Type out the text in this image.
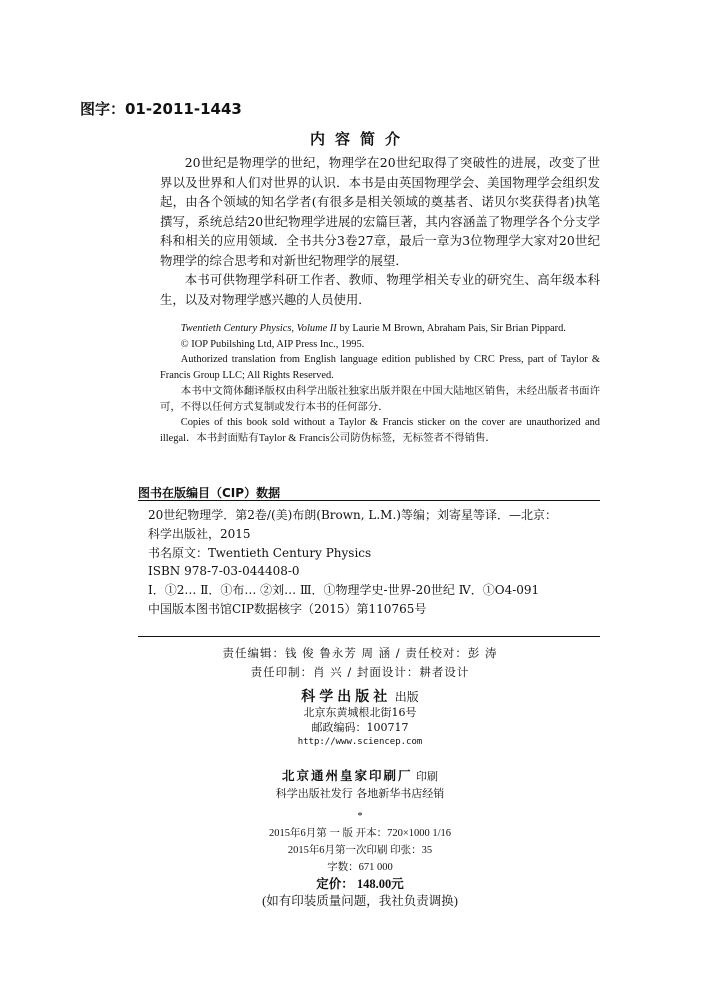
图字：01-2011-1443
内容简介

20世纪是物理学的世纪，物理学在20世纪取得了突破性的进展，改变了世界以及世界和人们对世界的认识．本书是由英国物理学会、美国物理学会组织发起，由各个领域的知名学者(有很多是相关领域的奠基者、诺贝尔奖获得者)执笔撰写，系统总结20世纪物理学进展的宏篇巨著，其内容涵盖了物理学各个分支学科和相关的应用领域．全书共分3卷27章，最后一章为3位物理学大家对20世纪物理学的综合思考和对新世纪物理学的展望．

本书可供物理学科研工作者、教师、物理学相关专业的研究生、高年级本科生，以及对物理学感兴趣的人员使用．

Twentieth Century Physics, Volume II by Laurie M Brown, Abraham Pais, Sir Brian Pippard.

© IOP Pubilshing Ltd, AIP Press Inc., 1995.

Authorized translation from English language edition published by CRC Press, part of Taylor & Francis Group LLC; All Rights Reserved.

本书中文简体翻译版权由科学出版社独家出版并限在中国大陆地区销售，未经出版者书面许可，不得以任何方式复制或发行本书的任何部分．

Copies of this book sold without a Taylor & Francis sticker on the cover are unauthorized and illegal．本书封面贴有Taylor & Francis公司防伪标签，无标签者不得销售．

图书在版编目（CIP）数据
20世纪物理学．第2卷/(美)布朗(Brown, L.M.)等编；刘寄星等译．—北京：
科学出版社，2015
书名原文：Twentieth Century Physics
ISBN 978-7-03-044408-0
Ⅰ．①2… Ⅱ．①布… ②刘… Ⅲ．①物理学史-世界-20世纪 Ⅳ．①O4-091
中国版本图书馆CIP数据核字（2015）第110765号
责任编辑：钱 俊 鲁永芳 周 涵 / 责任校对：彭 涛
责任印制：肖 兴 / 封面设计：耕者设计
科学出版社 出版
北京东黄城根北街16号
邮政编码：100717
http://www.sciencep.com
北京通州皇家印刷厂 印刷
科学出版社发行 各地新华书店经销
*
2015年6月第 一 版 开本：720×1000 1/16
2015年6月第一次印刷 印张：35
字数：671 000
定价： 148.00元
(如有印装质量问题，我社负责调换)
